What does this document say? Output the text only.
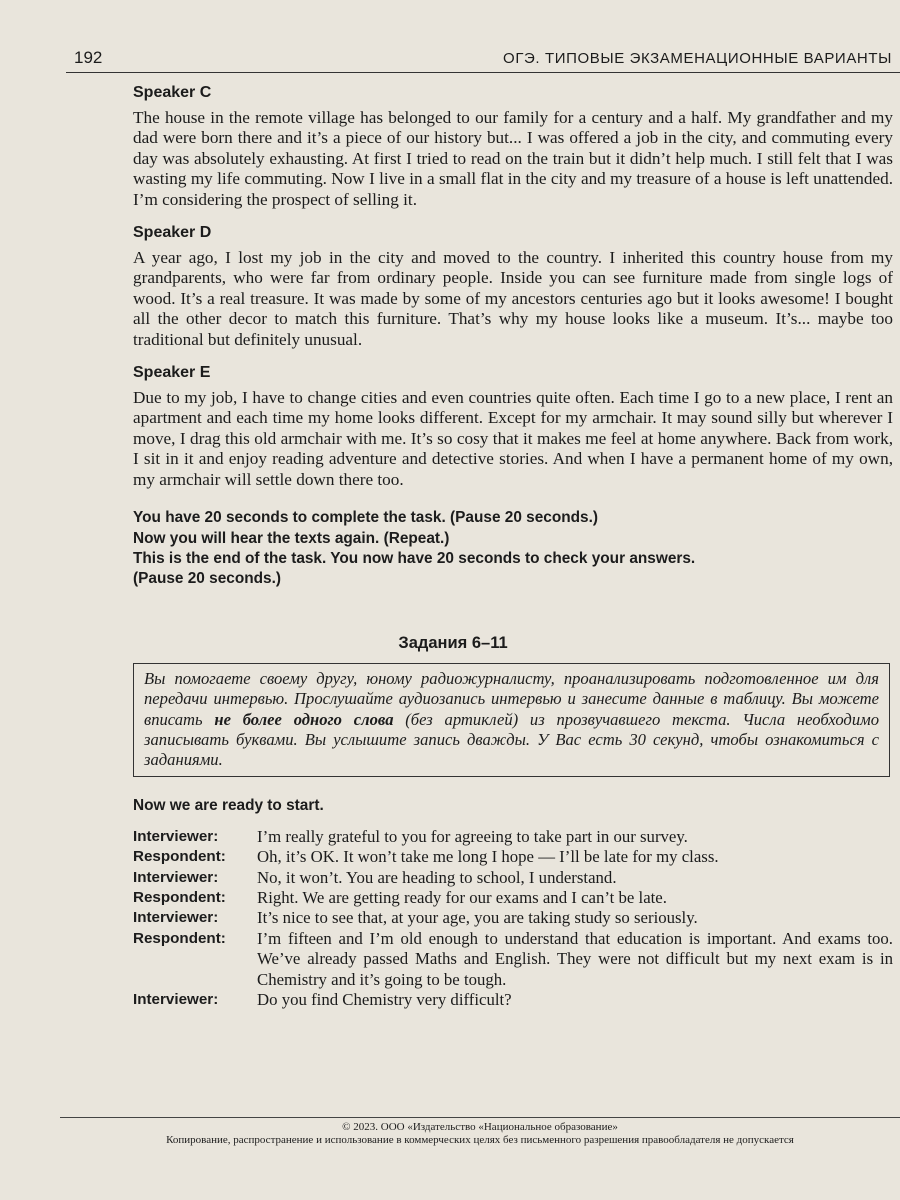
192	ОГЭ. ТИПОВЫЕ ЭКЗАМЕНАЦИОННЫЕ ВАРИАНТЫ

Speaker C

The house in the remote village has belonged to our family for a century and a half. My grandfather and my dad were born there and it’s a piece of our history but... I was offered a job in the city, and commuting every day was absolutely exhausting. At first I tried to read on the train but it didn’t help much. I still felt that I was wasting my life commuting. Now I live in a small flat in the city and my treasure of a house is left unattended. I’m considering the prospect of selling it.

Speaker D

A year ago, I lost my job in the city and moved to the country. I inherited this country house from my grandparents, who were far from ordinary people. Inside you can see furniture made from single logs of wood. It’s a real treasure. It was made by some of my ancestors centuries ago but it looks awesome! I bought all the other decor to match this furniture. That’s why my house looks like a museum. It’s... maybe too traditional but definitely unusual.

Speaker E

Due to my job, I have to change cities and even countries quite often. Each time I go to a new place, I rent an apartment and each time my home looks different. Except for my armchair. It may sound silly but wherever I move, I drag this old armchair with me. It’s so cosy that it makes me feel at home anywhere. Back from work, I sit in it and enjoy reading adventure and detective stories. And when I have a permanent home of my own, my armchair will settle down there too.

You have 20 seconds to complete the task. (Pause 20 seconds.)
Now you will hear the texts again. (Repeat.)
This is the end of the task. You now have 20 seconds to check your answers.
(Pause 20 seconds.)
Задания 6–11
Вы помогаете своему другу, юному радиожурналисту, проанализировать подготовленное им для передачи интервью. Прослушайте аудиозапись интервью и занесите данные в таблицу. Вы можете вписать не более одного слова (без артиклей) из прозвучавшего текста. Числа необходимо записывать буквами. Вы услышите запись дважды. У Вас есть 30 секунд, чтобы ознакомиться с заданиями.
Now we are ready to start.
Interviewer:	I’m really grateful to you for agreeing to take part in our survey.
Respondent:	Oh, it’s OK. It won’t take me long I hope — I’ll be late for my class.
Interviewer:	No, it won’t. You are heading to school, I understand.
Respondent:	Right. We are getting ready for our exams and I can’t be late.
Interviewer:	It’s nice to see that, at your age, you are taking study so seriously.
Respondent:	I’m fifteen and I’m old enough to understand that education is important. And exams too. We’ve already passed Maths and English. They were not difficult but my next exam is in Chemistry and it’s going to be tough.
Interviewer:	Do you find Chemistry very difficult?
© 2023. ООО «Издательство «Национальное образование»
Копирование, распространение и использование в коммерческих целях без письменного разрешения правообладателя не допускается
